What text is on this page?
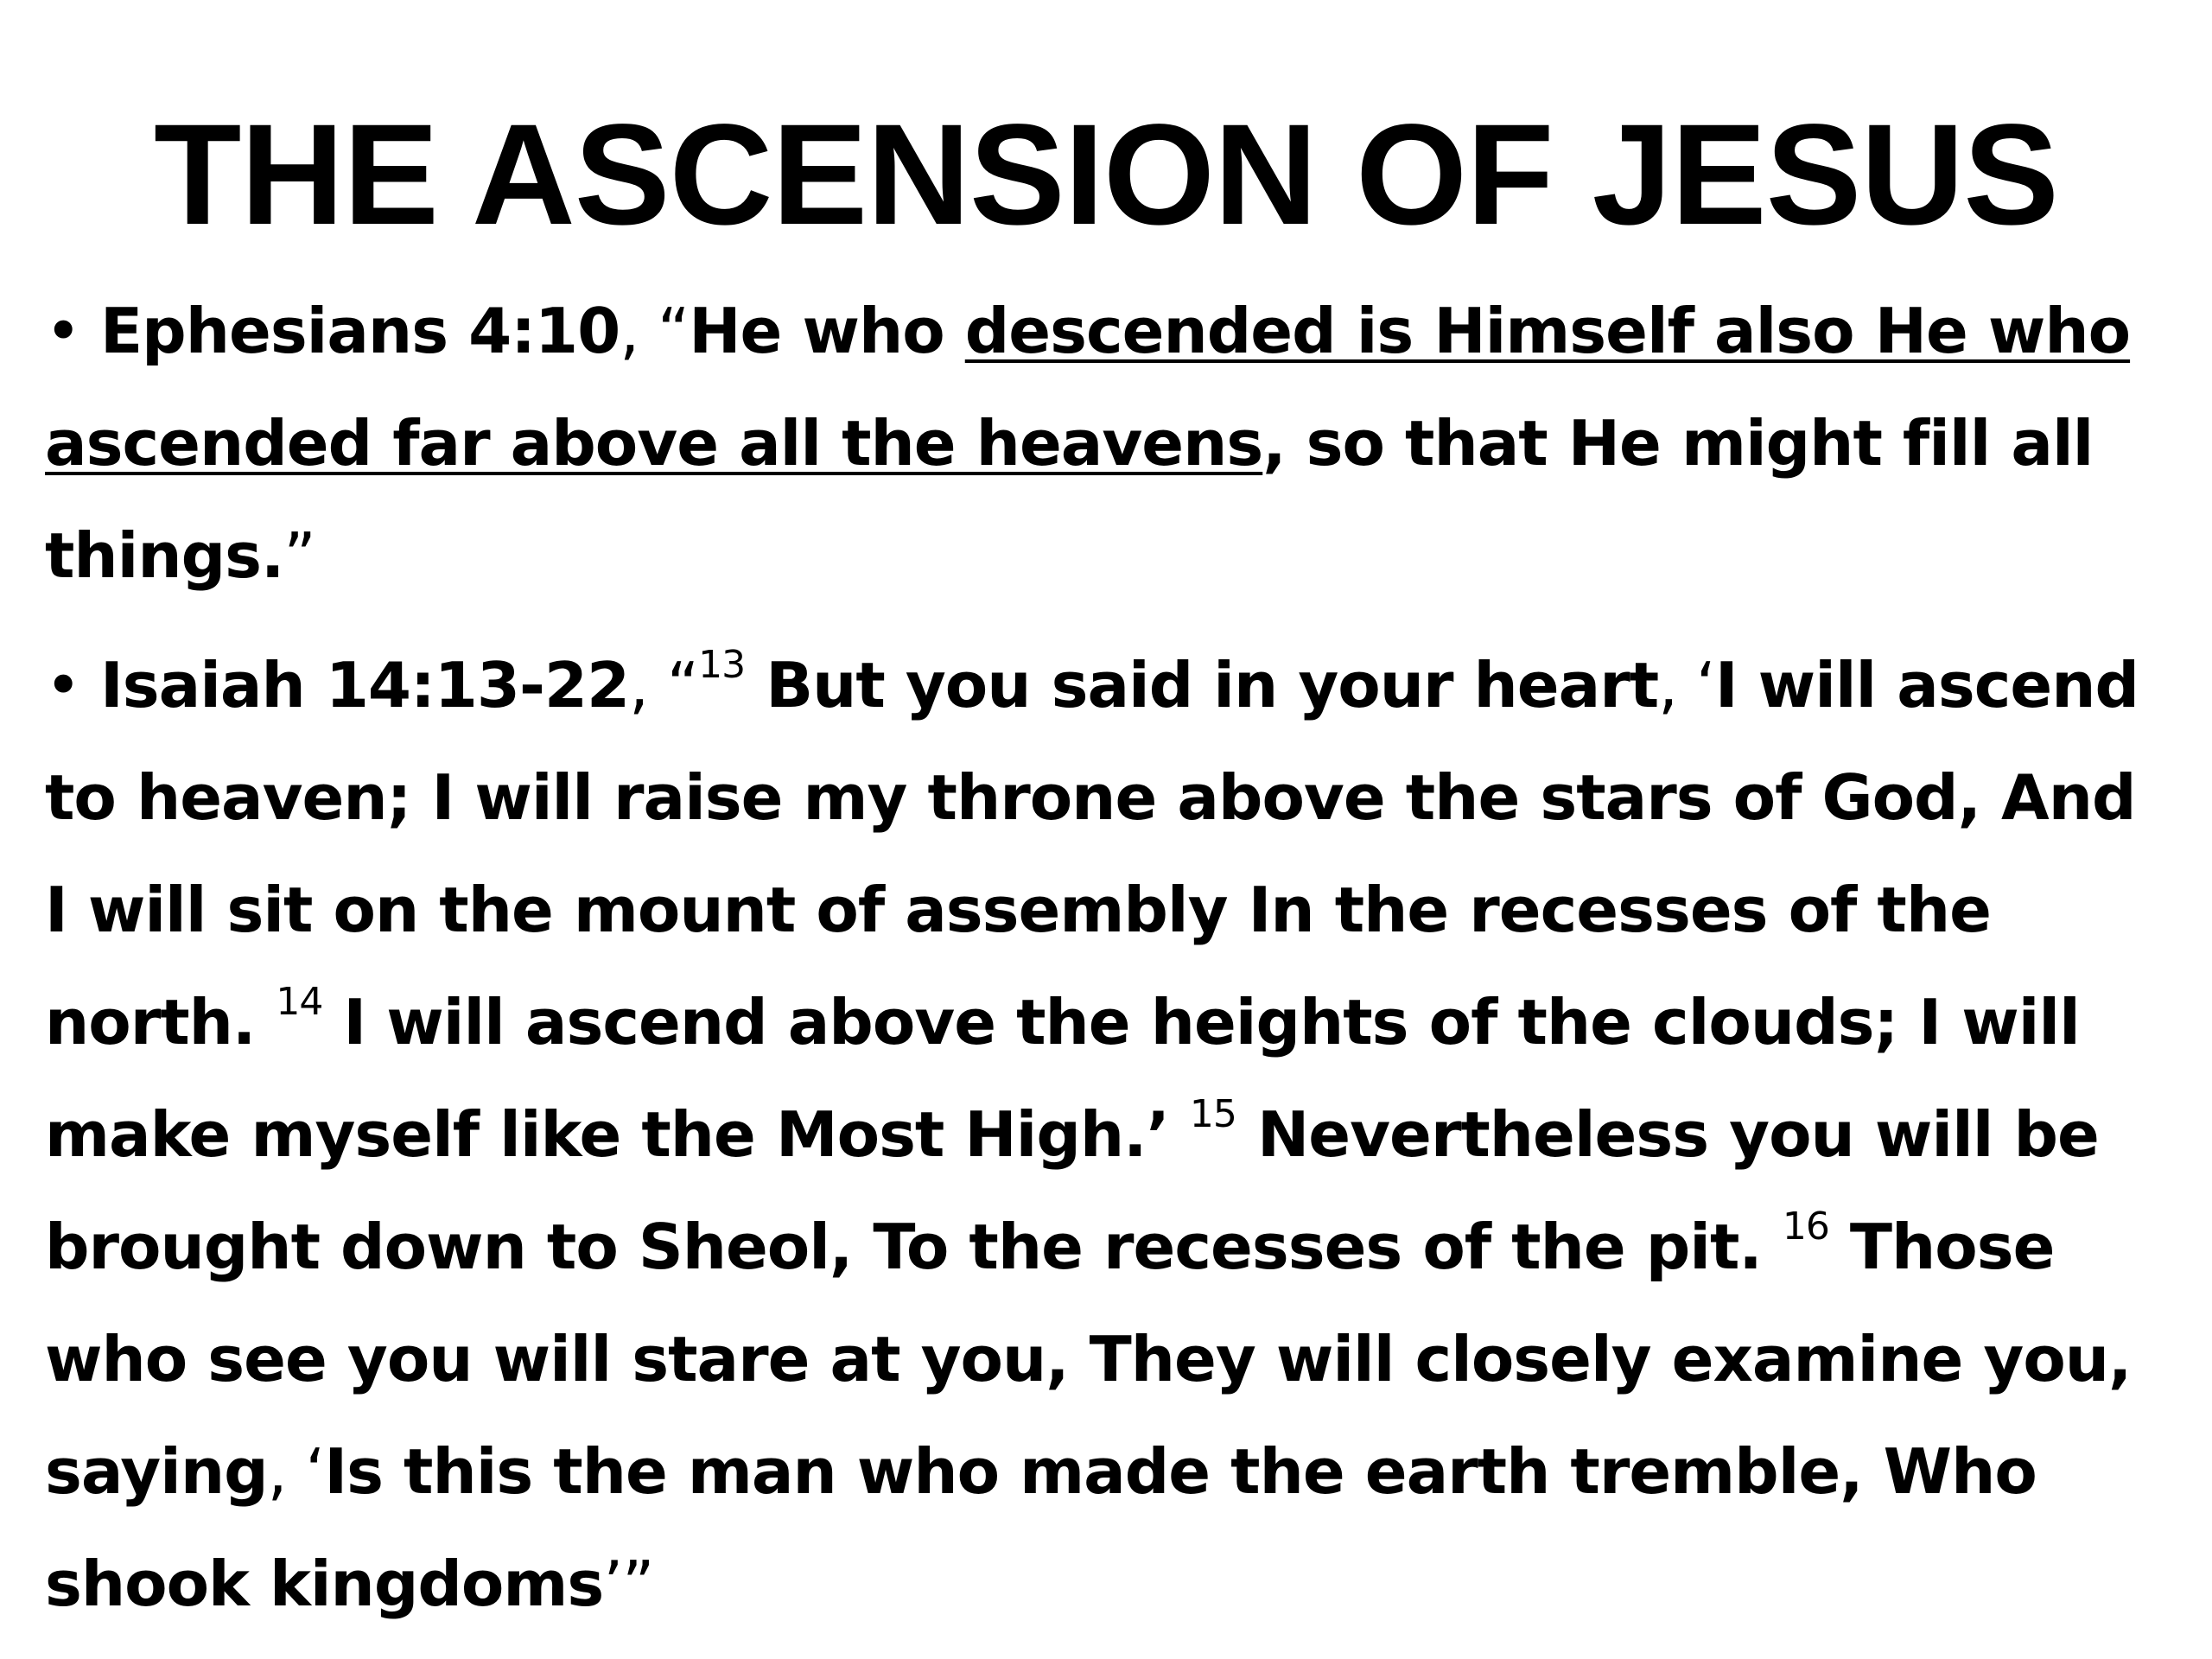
THE ASCENSION OF JESUS

• Ephesians 4:10, “He who descended is Himself also He who ascended far above all the heavens, so that He might fill all things.”

• Isaiah 14:13-22, “$^{13}$ But you said in your heart, ‘I will ascend to heaven; I will raise my throne above the stars of God, And I will sit on the mount of assembly In the recesses of the north. $^{14}$ I will ascend above the heights of the clouds; I will make myself like the Most High.’ $^{15}$ Nevertheless you will be brought down to Sheol, To the recesses of the pit. $^{16}$ Those who see you will stare at you, They will closely examine you, saying, ‘Is this the man who made the earth tremble, Who shook kingdoms’”
